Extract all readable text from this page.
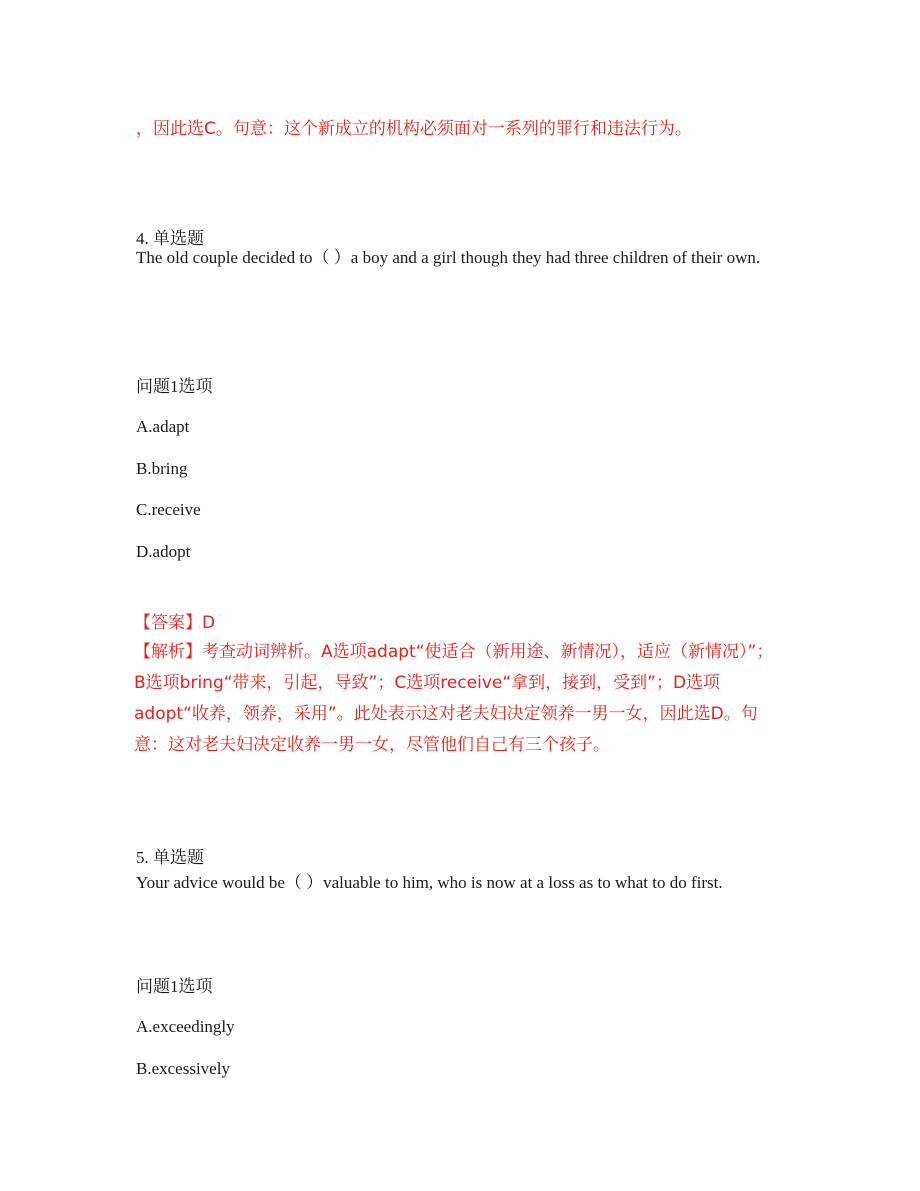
，因此选C。句意：这个新成立的机构必须面对一系列的罪行和违法行为。
4. 单选题
The old couple decided to（ ）a boy and a girl though they had three children of their own.
问题1选项
A.adapt
B.bring
C.receive
D.adopt
【答案】D
【解析】考查动词辨析。A选项adapt“使适合（新用途、新情况），适应（新情况）”；B选项bring“带来，引起，导致”；C选项receive“拿到，接到，受到”；D选项adopt“收养，领养，采用”。此处表示这对老夫妇决定领养一男一女，因此选D。句意：这对老夫妇决定收养一男一女，尽管他们自己有三个孩子。
5. 单选题
Your advice would be（ ）valuable to him, who is now at a loss as to what to do first.
问题1选项
A.exceedingly
B.excessively
